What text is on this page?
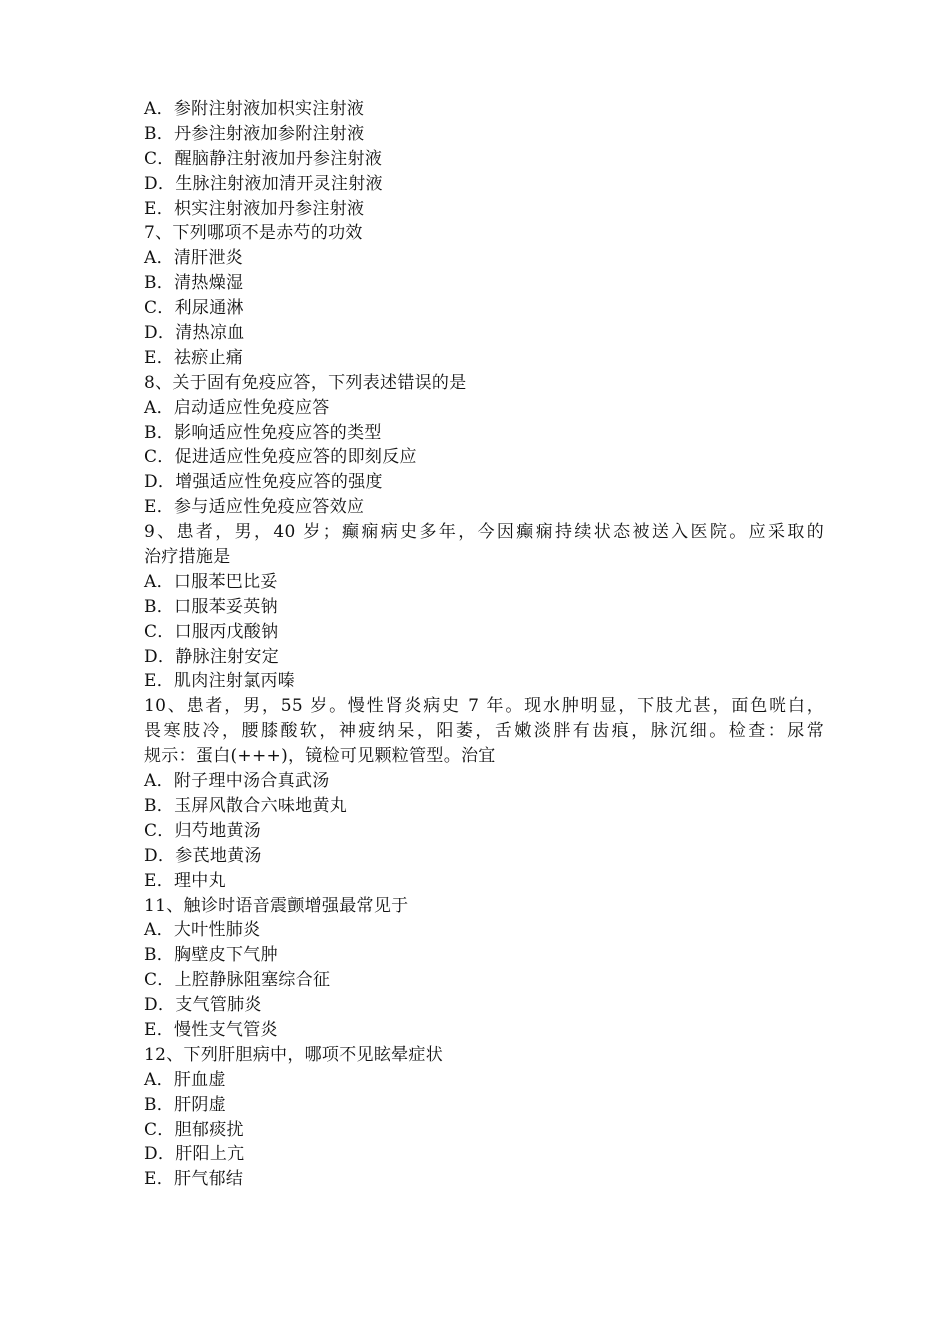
A．参附注射液加枳实注射液
B．丹参注射液加参附注射液
C．醒脑静注射液加丹参注射液
D．生脉注射液加清开灵注射液
E．枳实注射液加丹参注射液
7、下列哪项不是赤芍的功效
A．清肝泄炎
B．清热燥湿
C．利尿通淋
D．清热凉血
E．祛瘀止痛
8、关于固有免疫应答，下列表述错误的是
A．启动适应性免疫应答
B．影响适应性免疫应答的类型
C．促进适应性免疫应答的即刻反应
D．增强适应性免疫应答的强度
E．参与适应性免疫应答效应
9、患者，男，40 岁；癫痫病史多年，今因癫痫持续状态被送入医院。应采取的
治疗措施是
A．口服苯巴比妥
B．口服苯妥英钠
C．口服丙戊酸钠
D．静脉注射安定
E．肌肉注射氯丙嗪
10、患者，男，55 岁。慢性肾炎病史 7 年。现水肿明显，下肢尤甚，面色咣白，
畏寒肢冷，腰膝酸软，神疲纳呆，阳萎，舌嫩淡胖有齿痕，脉沉细。检查：尿常
规示：蛋白(+++)，镜检可见颗粒管型。治宜
A．附子理中汤合真武汤
B．玉屏风散合六味地黄丸
C．归芍地黄汤
D．参芪地黄汤
E．理中丸
11、触诊时语音震颤增强最常见于
A．大叶性肺炎
B．胸壁皮下气肿
C．上腔静脉阻塞综合征
D．支气管肺炎
E．慢性支气管炎
12、下列肝胆病中，哪项不见眩晕症状
A．肝血虚
B．肝阴虚
C．胆郁痰扰
D．肝阳上亢
E．肝气郁结
